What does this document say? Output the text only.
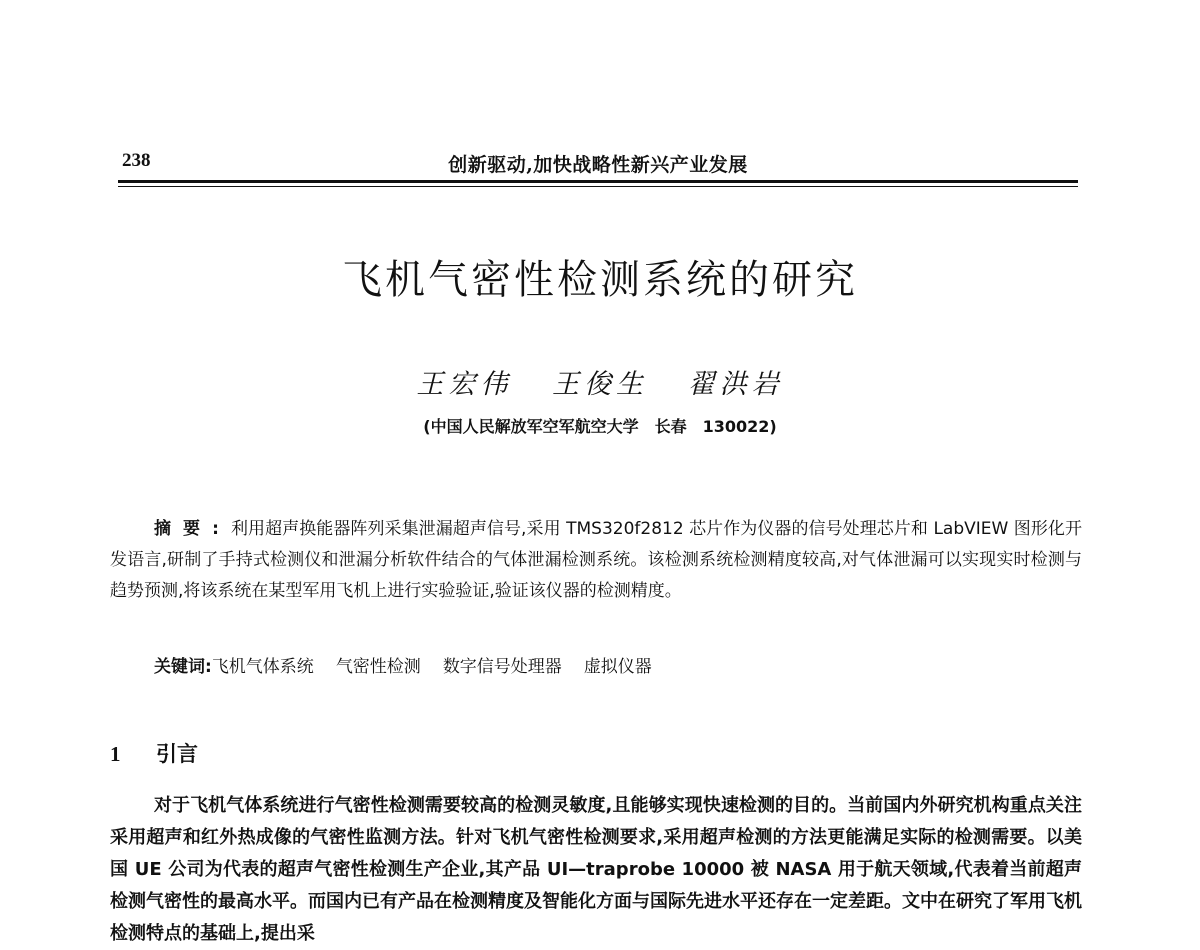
238	创新驱动,加快战略性新兴产业发展
飞机气密性检测系统的研究
王宏伟 王俊生 翟洪岩
(中国人民解放军空军航空大学　长春　130022)
摘要:利用超声换能器阵列采集泄漏超声信号,采用 TMS320f2812 芯片作为仪器的信号处理芯片和 LabVIEW 图形化开发语言,研制了手持式检测仪和泄漏分析软件结合的气体泄漏检测系统。该检测系统检测精度较高,对气体泄漏可以实现实时检测与趋势预测,将该系统在某型军用飞机上进行实验验证,验证该仪器的检测精度。
关键词:飞机气体系统 气密性检测 数字信号处理器 虚拟仪器
1 引言

对于飞机气体系统进行气密性检测需要较高的检测灵敏度,且能够实现快速检测的目的。当前国内外研究机构重点关注采用超声和红外热成像的气密性监测方法。针对飞机气密性检测要求,采用超声检测的方法更能满足实际的检测需要。以美国 UE 公司为代表的超声气密性检测生产企业,其产品 UI—traprobe 10000 被 NASA 用于航天领域,代表着当前超声检测气密性的最高水平。而国内已有产品在检测精度及智能化方面与国际先进水平还存在一定差距。文中在研究了军用飞机检测特点的基础上,提出采
